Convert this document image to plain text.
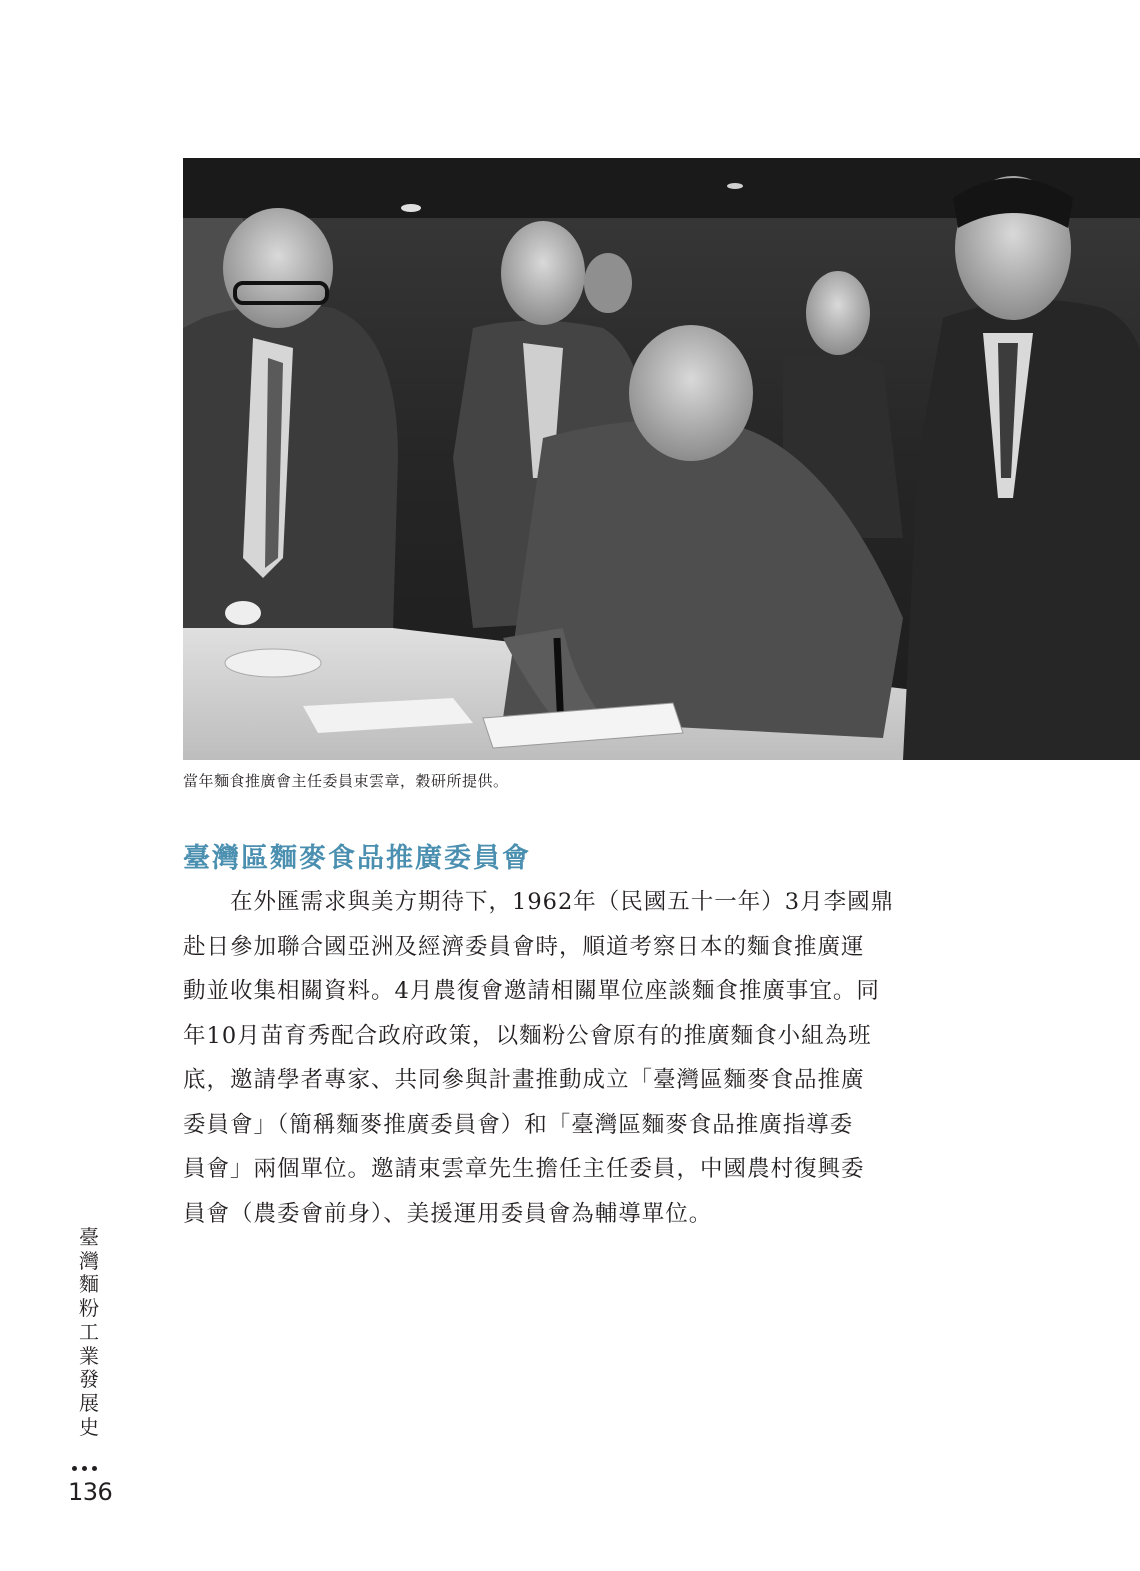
當年麵食推廣會主任委員束雲章，穀研所提供。
臺灣區麵麥食品推廣委員會
　　在外匯需求與美方期待下，1962年（民國五十一年）3月李國鼎
赴日參加聯合國亞洲及經濟委員會時，順道考察日本的麵食推廣運
動並收集相關資料。4月農復會邀請相關單位座談麵食推廣事宜。同
年10月苗育秀配合政府政策，以麵粉公會原有的推廣麵食小組為班
底，邀請學者專家、共同參與計畫推動成立「臺灣區麵麥食品推廣
委員會」（簡稱麵麥推廣委員會）和「臺灣區麵麥食品推廣指導委
員會」兩個單位。邀請束雲章先生擔任主任委員，中國農村復興委
員會（農委會前身）、美援運用委員會為輔導單位。
臺灣麵粉工業發展史
136
